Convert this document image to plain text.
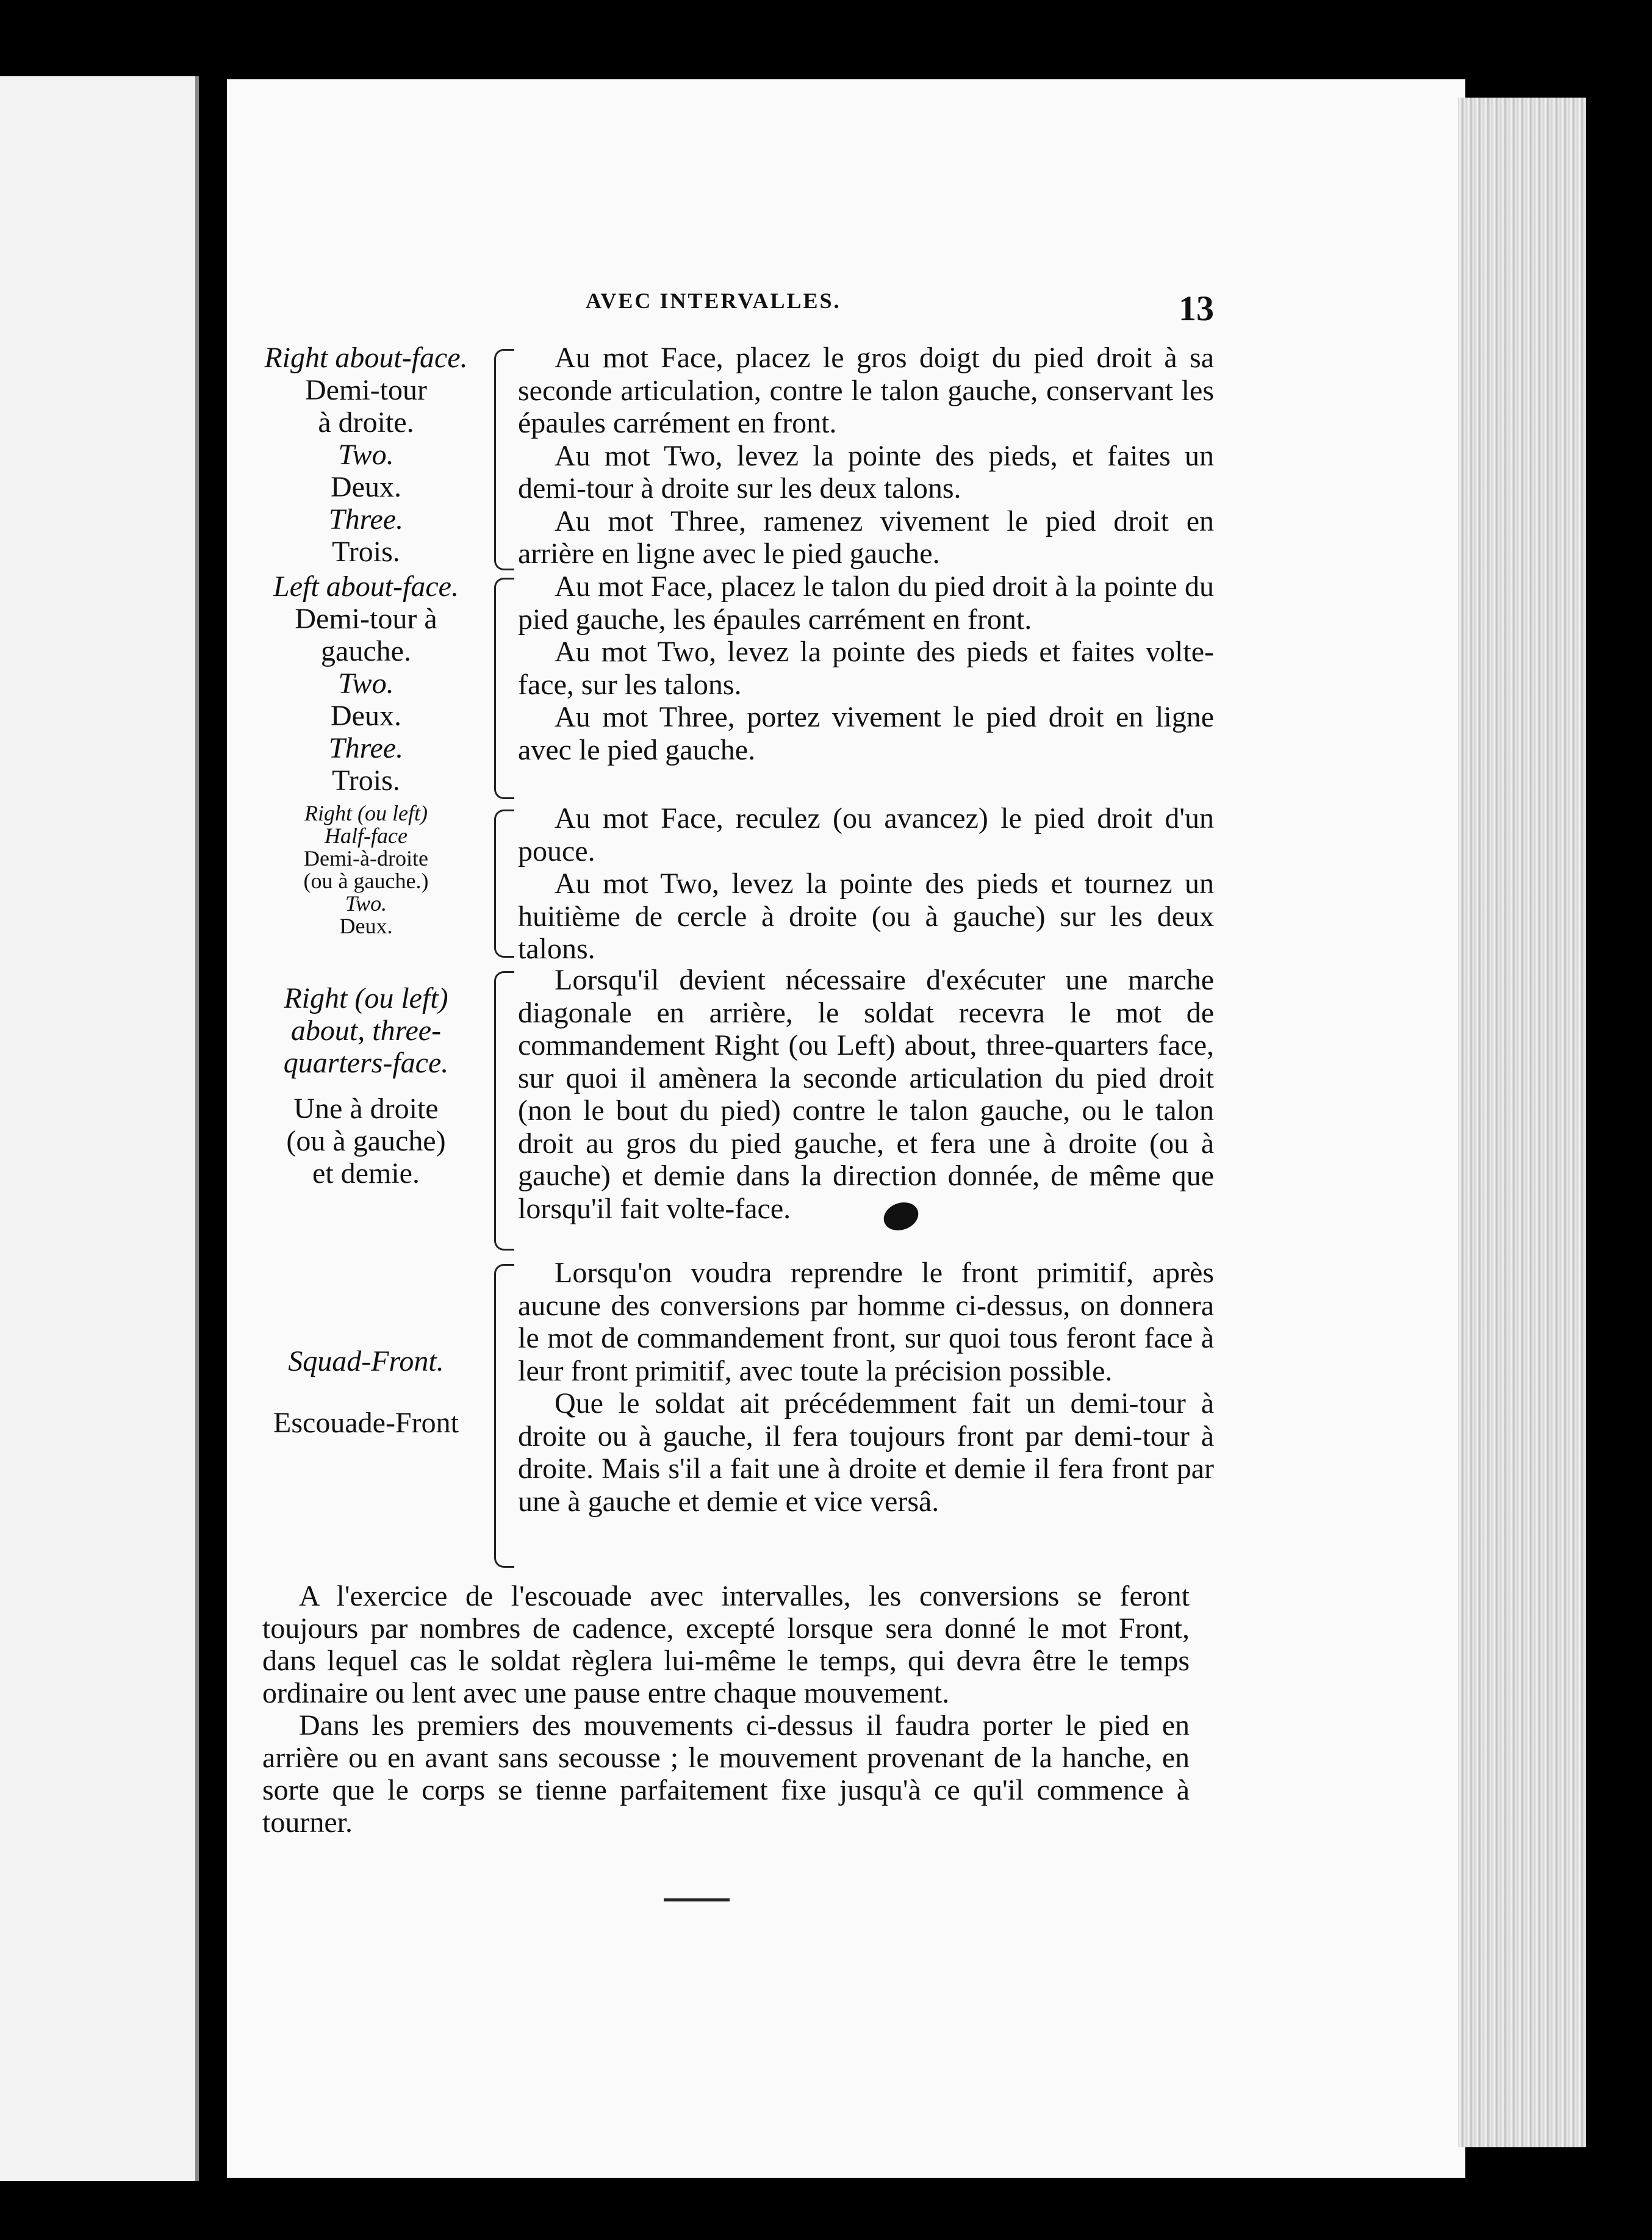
AVEC INTERVALLES.	13
Right about-face.
Demi-tour
à droite.
Two.
Deux.
Three.
Trois.

Au mot Face, placez le gros doigt du pied droit à sa seconde articulation, contre le talon gauche, conservant les épaules carrément en front.

Au mot Two, levez la pointe des pieds, et faites un demi-tour à droite sur les deux talons.

Au mot Three, ramenez vivement le pied droit en arrière en ligne avec le pied gauche.

Left about-face.
Demi-tour à
gauche.
Two.
Deux.
Three.
Trois.

Au mot Face, placez le talon du pied droit à la pointe du pied gauche, les épaules carrément en front.

Au mot Two, levez la pointe des pieds et faites volte-face, sur les talons.

Au mot Three, portez vivement le pied droit en ligne avec le pied gauche.

Right (ou left)
Half-face
Demi-à-droite
(ou à gauche.)
Two.
Deux.

Au mot Face, reculez (ou avancez) le pied droit d'un pouce.

Au mot Two, levez la pointe des pieds et tournez un huitième de cercle à droite (ou à gauche) sur les deux talons.

Right (ou left)
about, three-
quarters-face.
Une à droite
(ou à gauche)
et demie.

Lorsqu'il devient nécessaire d'exécuter une marche diagonale en arrière, le soldat recevra le mot de commandement Right (ou Left) about, three-quarters face, sur quoi il amènera la seconde articulation du pied droit (non le bout du pied) contre le talon gauche, ou le talon droit au gros du pied gauche, et fera une à droite (ou à gauche) et demie dans la direction donnée, de même que lorsqu'il fait volte-face.

Squad-Front.
Escouade-Front

Lorsqu'on voudra reprendre le front primitif, après aucune des conversions par homme ci-dessus, on donnera le mot de commandement front, sur quoi tous feront face à leur front primitif, avec toute la précision possible.

Que le soldat ait précédemment fait un demi-tour à droite ou à gauche, il fera toujours front par demi-tour à droite. Mais s'il a fait une à droite et demie il fera front par une à gauche et demie et vice versâ.

A l'exercice de l'escouade avec intervalles, les conversions se feront toujours par nombres de cadence, excepté lorsque sera donné le mot Front, dans lequel cas le soldat règlera lui-même le temps, qui devra être le temps ordinaire ou lent avec une pause entre chaque mouvement.

Dans les premiers des mouvements ci-dessus il faudra porter le pied en arrière ou en avant sans secousse ; le mouvement provenant de la hanche, en sorte que le corps se tienne parfaitement fixe jusqu'à ce qu'il commence à tourner.
